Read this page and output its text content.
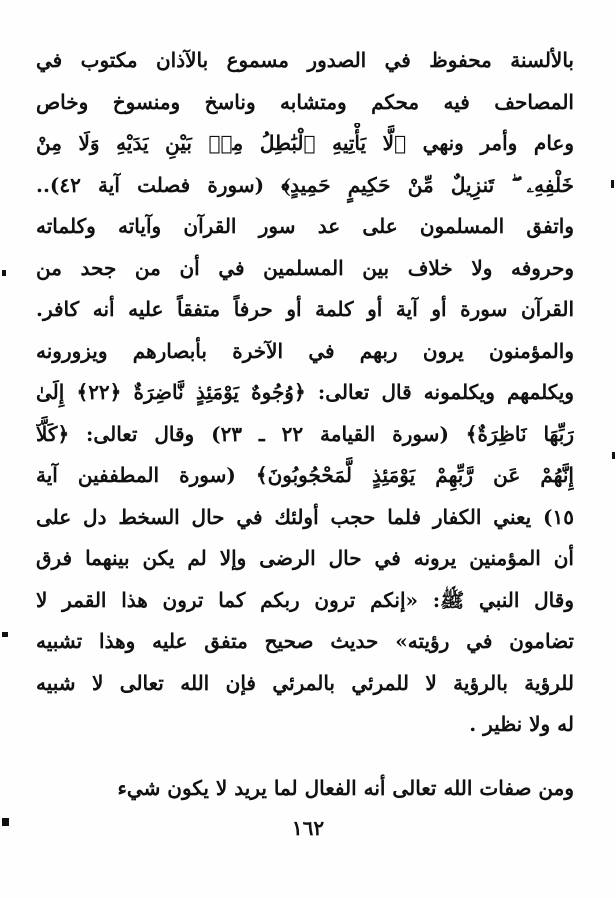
بالألسنة محفوظ في الصدور مسموع بالآذان مكتوب في
المصاحف فيه محكم ومتشابه وناسخ ومنسوخ وخاص
وعام وأمر ونهي ﴿لَّا يَأْتِيهِ ٱلْبَٰطِلُ مِنۢ بَيْنِ يَدَيْهِ وَلَا مِنْ
خَلْفِهِۦ ۖ تَنزِيلٌ مِّنْ حَكِيمٍ حَمِيدٍ﴾ (سورة فصلت آية ٤٢)..
واتفق المسلمون على عد سور القرآن وآياته وكلماته
وحروفه ولا خلاف بين المسلمين في أن من جحد من
القرآن سورة أو آية أو كلمة أو حرفاً متفقاً عليه أنه كافر.
والمؤمنون يرون ربهم في الآخرة بأبصارهم ويزورونه
ويكلمهم ويكلمونه قال تعالى: ﴿وُجُوهٌ يَوْمَئِذٍ نَّاضِرَةٌ ﴿٢٢﴾ إِلَىٰ
رَبِّهَا نَاظِرَةٌ﴾ (سورة القيامة ٢٢ ـ ٢٣) وقال تعالى: ﴿كَلَّآ
إِنَّهُمْ عَن رَّبِّهِمْ يَوْمَئِذٍ لَّمَحْجُوبُونَ﴾ (سورة المطففين آية
١٥) يعني الكفار فلما حجب أولئك في حال السخط دل على
أن المؤمنين يرونه في حال الرضى وإلا لم يكن بينهما فرق
وقال النبي ﷺ: «إنكم ترون ربكم كما ترون هذا القمر لا
تضامون في رؤيته» حديث صحيح متفق عليه وهذا تشبيه
للرؤية بالرؤية لا للمرئي بالمرئي فإن الله تعالى لا شبيه
له ولا نظير .
ومن صفات الله تعالى أنه الفعال لما يريد لا يكون شيء
١٦٢
